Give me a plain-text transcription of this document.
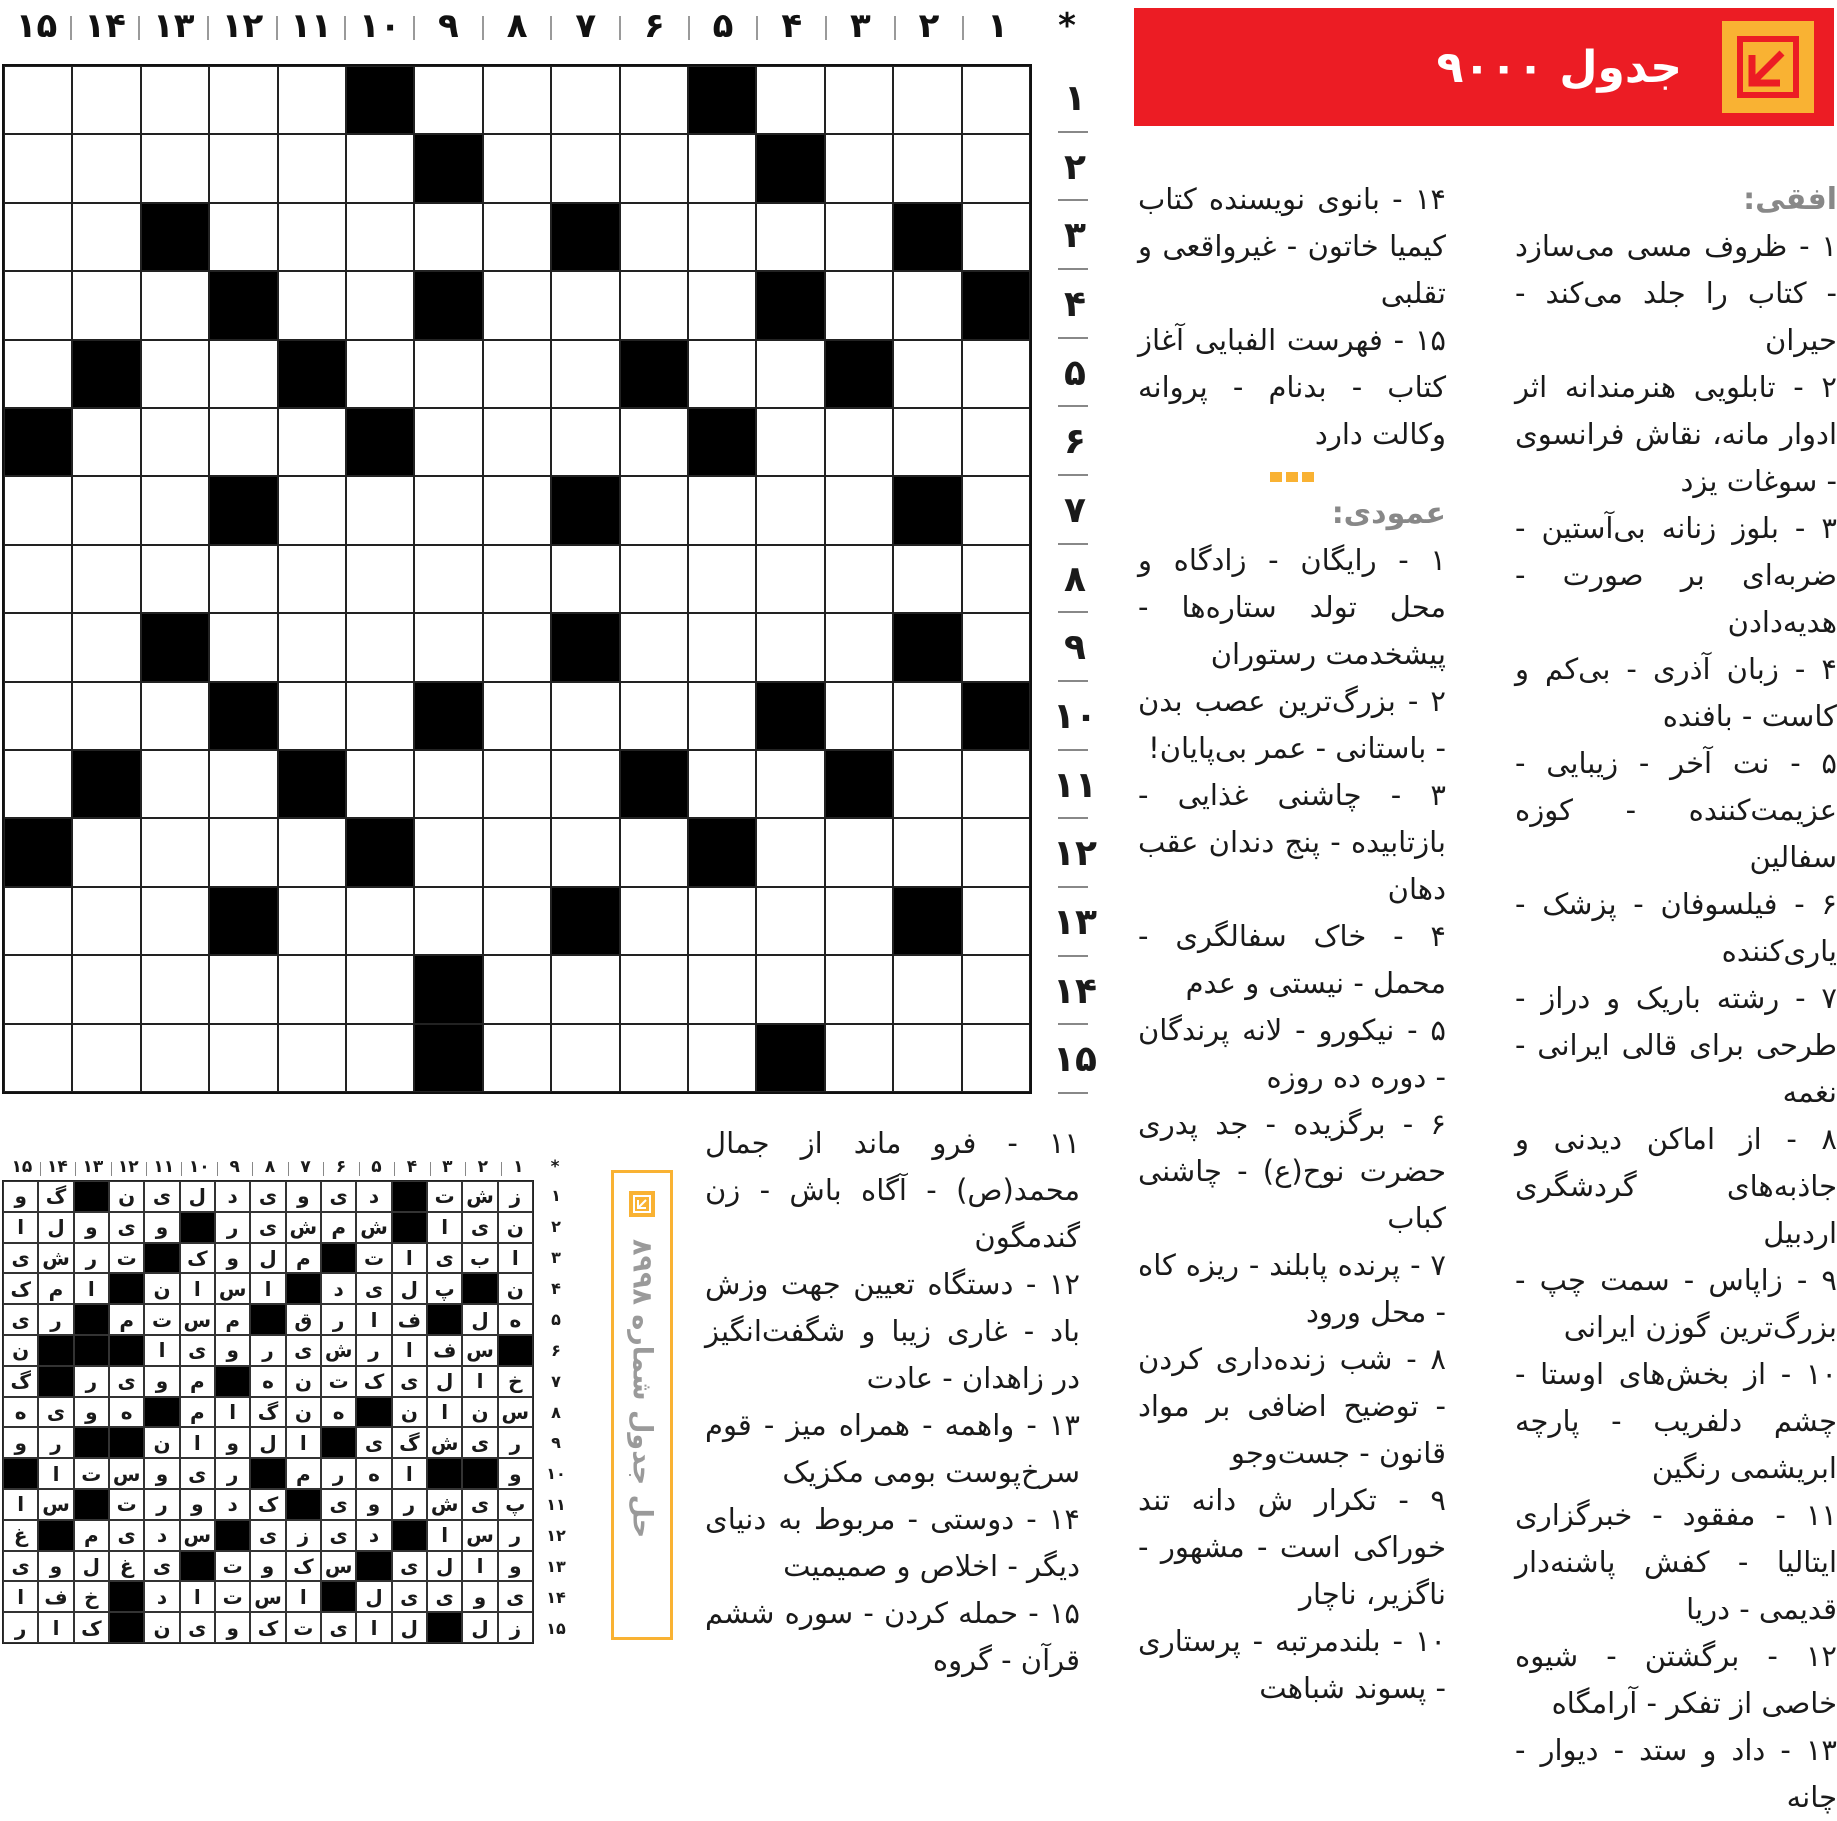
*
۱
۲
۳
۴
۵
۶
۷
۸
۹
۱۰
۱۱
۱۲
۱۳
۱۴
۱۵
۱
۲
۳
۴
۵
۶
۷
۸
۹
۱۰
۱۱
۱۲
۱۳
۱۴
۱۵
جدول ۹۰۰۰
افقی:

۱ - ظروف مسی می‌سازد - کتاب را جلد می‌کند - حیران

۲ - تابلویی هنرمندانه اثر ادوار مانه، نقاش فرانسوی - سوغات یزد

۳ - بلوز زنانه بی‌آستین - ضربه‌ای بر صورت - هدیه‌دادن

۴ - زبان آذری - بی‌کم و کاست - بافنده

۵ - نت آخر - زیبایی - عزیمت‌کننده - کوزه سفالین

۶ - فیلسوفان - پزشک - یاری‌کننده

۷ - رشته باریک و دراز - طرحی برای قالی ایرانی - نغمه

۸ - از اماکن دیدنی و جاذبه‌های گردشگری اردبیل

۹ - زاپاس - سمت چپ - بزرگ‌ترین گوزن ایرانی

۱۰ - از بخش‌های اوستا - چشم دلفریب - پارچه ابریشمی رنگین

۱۱ - مفقود - خبرگزاری ایتالیا - کفش پاشنه‌دار قدیمی - دریا

۱۲ - برگشتن - شیوه خاصی از تفکر - آرامگاه

۱۳ - داد و ستد - دیوار - چانه

۱۴ - بانوی نویسنده کتاب کیمیا خاتون - غیرواقعی و تقلبی

۱۵ - فهرست الفبایی آغاز کتاب - بدنام - پروانه وکالت دارد

عمودی:

۱ - رایگان - زادگاه و محل تولد ستاره‌ها - پیشخدمت رستوران

۲ - بزرگ‌ترین عصب بدن - باستانی - عمر بی‌پایان!

۳ - چاشنی غذایی - بازتابیده - پنج دندان عقب دهان

۴ - خاک سفالگری - محمل - نیستی و عدم

۵ - نیکورو - لانه پرندگان - دوره ده روزه

۶ - برگزیده - جد پدری حضرت نوح(ع) - چاشنی کباب

۷ - پرنده پابلند - ریزه کاه - محل ورود

۸ - شب زنده‌داری کردن - توضیح اضافی بر مواد قانون - جست‌وجو

۹ - تکرار ش دانه تند خوراکی است - مشهور - ناگزیر، ناچار

۱۰ - بلندمرتبه - پرستاری - پسوند شباهت

۱۱ - فرو ماند از جمال محمد(ص) - آگاه باش - زن گندمگون

۱۲ - دستگاه تعیین جهت وزش باد - غاری زیبا و شگفت‌انگیز در زاهدان - عادت

۱۳ - واهمه - همراه میز - قوم سرخ‌پوست بومی مکزیک

۱۴ - دوستی - مربوط به دنیای دیگر - اخلاص و صمیمیت

۱۵ - حمله کردن - سوره ششم قرآن - گروه

حل جدول شماره ۸۹۹۸
*
۱
۲
۳
۴
۵
۶
۷
۸
۹
۱۰
۱۱
۱۲
۱۳
۱۴
۱۵
ز
ش
ت
د
ی
و
ی
د
ل
ی
ن
گ
و
ن
ی
ا
ش
م
ش
ی
ر
و
ی
و
ل
ا
ا
ب
ی
ا
ت
م
ل
و
ک
ت
ر
ش
ی
ن
پ
ل
ی
د
ا
س
ا
ن
ا
م
ک
ه
ل
ف
ا
ر
ق
م
س
ت
م
ر
ی
س
ف
ا
ر
ش
ی
ر
و
ی
ا
ن
خ
ا
ل
ی
ک
ت
ن
ه
م
و
ی
ر
گ
س
ن
ا
ن
ه
ن
گ
ا
م
ه
و
ی
ه
ر
ی
ش
گ
ی
ا
ل
و
ا
ن
ر
و
و
ا
ه
ر
م
ر
ی
و
س
ت
ا
پ
ی
ش
ر
و
ی
ک
د
و
ر
ت
س
ا
ر
س
ا
د
ی
ز
ی
س
د
ی
م
غ
و
ا
ل
ی
س
ک
و
ت
ی
غ
ل
و
ی
ی
و
ی
ی
ل
ا
س
ت
ا
د
خ
ف
ا
ز
ل
ل
ا
ی
ت
ک
و
ی
ن
ک
ا
ر
۱
۲
۳
۴
۵
۶
۷
۸
۹
۱۰
۱۱
۱۲
۱۳
۱۴
۱۵
